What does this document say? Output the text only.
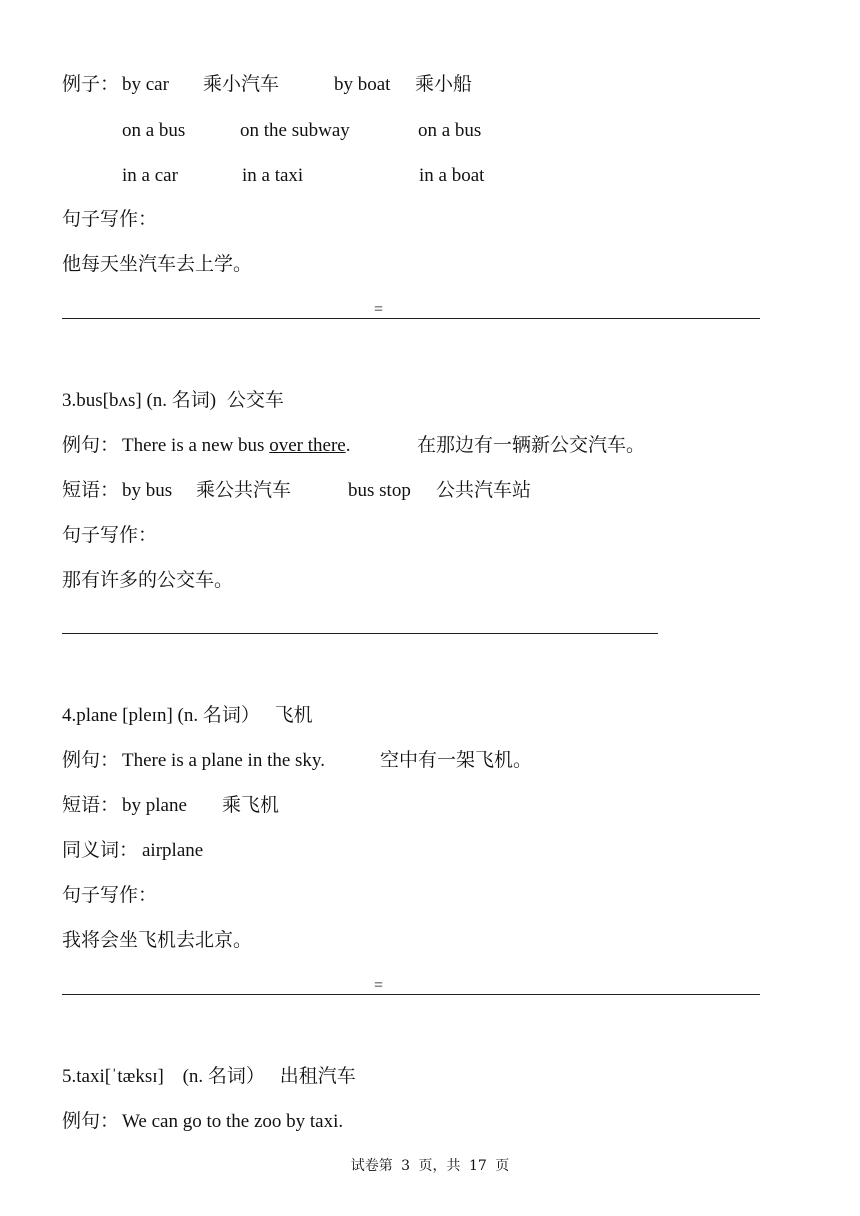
例子： by car 乘小汽车	by boat 乘小船
on a bus	on the subway	on a bus
in a car	in a taxi	in a boat
句子写作：
他每天坐汽车去上学。
=
3.bus[bʌs] (n. 名词) 公交车
例句： There is a new bus over there.	在那边有一辆新公交汽车。
短语： by bus 乘公共汽车	bus stop 公共汽车站
句子写作：
那有许多的公交车。
4.plane [pleɪn] (n. 名词） 飞机
例句： There is a plane in the sky.	空中有一架飞机。
短语： by plane 乘飞机
同义词： airplane
句子写作：
我将会坐飞机去北京。
=
5.taxi[ˈtæksɪ] (n. 名词） 出租汽车
例句： We can go to the zoo by taxi.
试卷第 3 页，共 17 页
